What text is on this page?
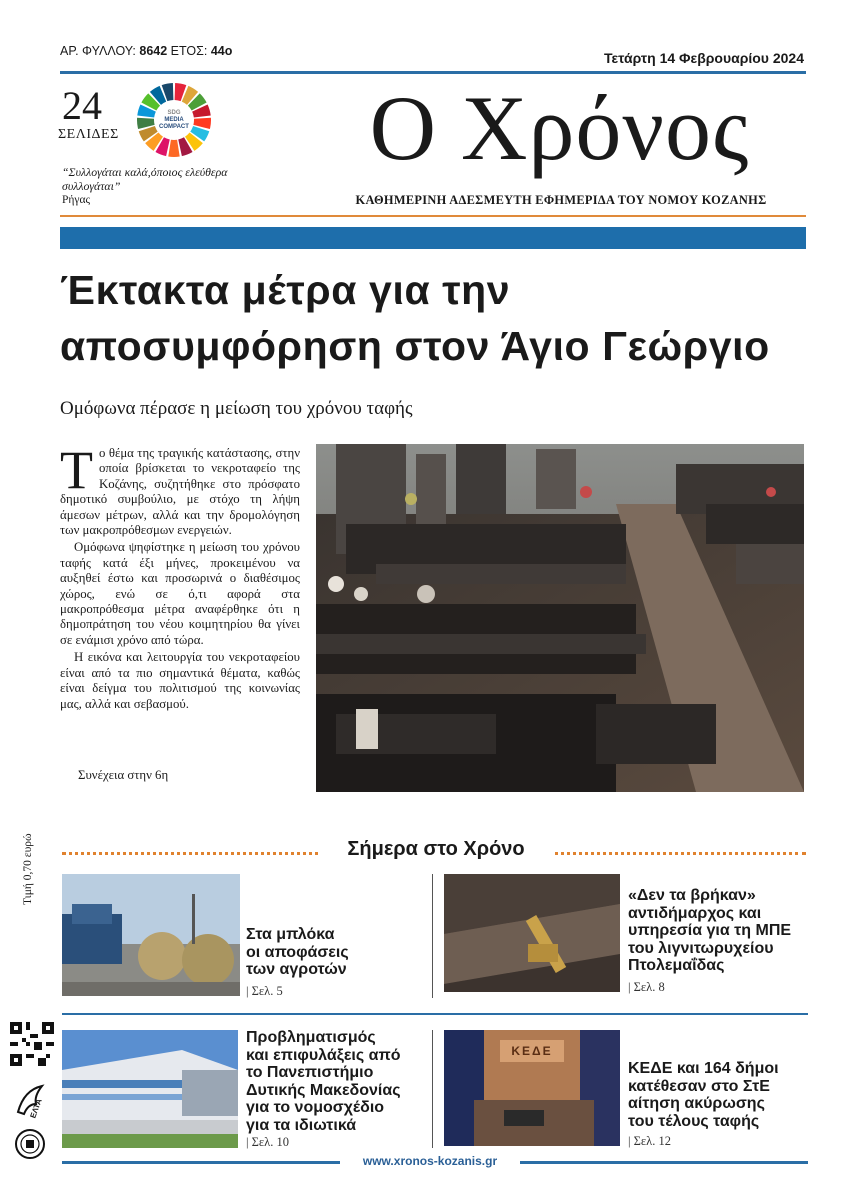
ΑΡ. ΦΥΛΛΟΥ: 8642 ΕΤΟΣ: 44ο	Τετάρτη 14 Φεβρουαρίου 2024
24
ΣΕΛΙΔΕΣ
SDG
MEDIA
COMPACT
“Συλλογάται καλά,όποιος ελεύθερα συλλογάται”
Ρήγας
Ο Χρόνος
ΚΑΘΗΜΕΡΙΝΗ ΑΔΕΣΜΕΥΤΗ ΕΦΗΜΕΡΙΔΑ ΤΟΥ ΝΟΜΟΥ ΚΟΖΑΝΗΣ
Έκτακτα μέτρα για την
αποσυμφόρηση στον Άγιο Γεώργιο
Ομόφωνα πέρασε η μείωση του χρόνου ταφής

Το θέμα της τραγικής κατάστασης, στην οποία βρίσκεται το νεκροταφείο της Κοζάνης, συζητήθηκε στο πρόσφατο δημοτικό συμβούλιο, με στόχο τη λήψη άμεσων μέτρων, αλλά και την δρομολόγηση των μακροπρόθεσμων ενεργειών.

Ομόφωνα ψηφίστηκε η μείωση του χρόνου ταφής κατά έξι μήνες, προκειμένου να αυξηθεί έστω και προσωρινά ο διαθέσιμος χώρος, ενώ σε ό,τι αφορά στα μακροπρόθεσμα μέτρα αναφέρθηκε ότι η δημοπράτηση του νέου κοιμητηρίου θα γίνει σε ενάμισι χρόνο από τώρα.

Η εικόνα και λειτουργία του νεκροταφείου είναι από τα πιο σημαντικά θέματα, καθώς είναι δείγμα του πολιτισμού της κοινωνίας μας, αλλά και σεβασμού.

Συνέχεια στην 6η
Σήμερα στο Χρόνο
Στα μπλόκα
οι αποφάσεις
των αγροτών
| Σελ. 5
«Δεν τα βρήκαν»
αντιδήμαρχος και
υπηρεσία για τη ΜΠΕ
του λιγνιτωρυχείου
Πτολεμαΐδας
| Σελ. 8
Προβληματισμός
και επιφυλάξεις από
το Πανεπιστήμιο
Δυτικής Μακεδονίας
για το νομοσχέδιο
για τα ιδιωτικά
| Σελ. 10
ΚΕΔΕ
ΚΕΔΕ και 164 δήμοι
κατέθεσαν στο ΣτΕ
αίτηση ακύρωσης
του τέλους ταφής
| Σελ. 12
Τιμή 0,70 ευρώ
ΕΛΤΑ
www.xronos-kozanis.gr
